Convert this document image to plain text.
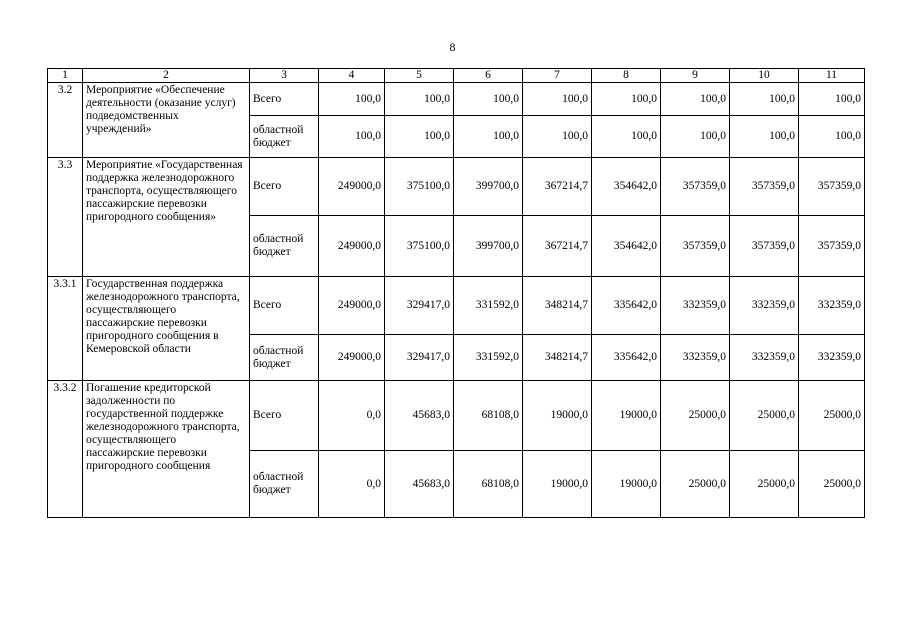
8
1	2	3	4	5	6	7	8	9	10	11
3.2	Мероприятие «Обеспечение деятельности (оказание услуг) подведомственных учреждений»	Всего	100,0	100,0	100,0	100,0	100,0	100,0	100,0	100,0
		областной бюджет	100,0	100,0	100,0	100,0	100,0	100,0	100,0	100,0
3.3	Мероприятие «Государственная поддержка железнодорожного транспорта, осуществляющего пассажирские перевозки пригородного сообщения»	Всего	249000,0	375100,0	399700,0	367214,7	354642,0	357359,0	357359,0	357359,0
		областной бюджет	249000,0	375100,0	399700,0	367214,7	354642,0	357359,0	357359,0	357359,0
3.3.1	Государственная поддержка железнодорожного транспорта, осуществляющего пассажирские перевозки пригородного сообщения в Кемеровской области	Всего	249000,0	329417,0	331592,0	348214,7	335642,0	332359,0	332359,0	332359,0
		областной бюджет	249000,0	329417,0	331592,0	348214,7	335642,0	332359,0	332359,0	332359,0
3.3.2	Погашение кредиторской задолженности по государственной поддержке железнодорожного транспорта, осуществляющего пассажирские перевозки пригородного сообщения	Всего	0,0	45683,0	68108,0	19000,0	19000,0	25000,0	25000,0	25000,0
		областной бюджет	0,0	45683,0	68108,0	19000,0	19000,0	25000,0	25000,0	25000,0
